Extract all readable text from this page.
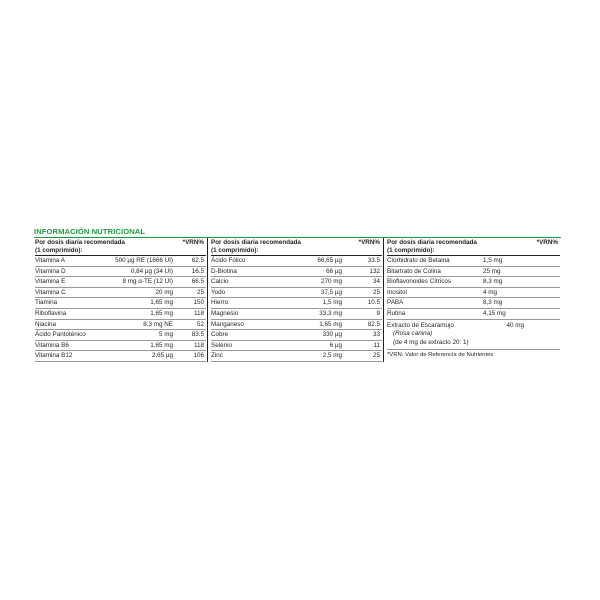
INFORMACIÓN NUTRICIONAL
Por dosis diaria recomendada
(1 comprimido):
*VRN%
Vitamina A	500 µg RE (1666 UI)	62.5
Vitamina D	0,84 µg (34 UI)	16.5
Vitamina E	8 mg α-TE (12 UI)	66.5
Vitamina C	20 mg	25
Tiamina	1,65 mg	150
Riboflavina	1,65 mg	118
Niacina	8,3 mg NE	52
Ácido Pantoténico	5 mg	83.5
Vitamina B6	1,65 mg	118
Vitamina B12	2,65 µg	106
Por dosis diaria recomendada
(1 comprimido):
*VRN%
Ácido Fólico	66,65 µg	33.5
D-Biotina	66 µg	132
Calcio	270 mg	34
Yodo	37,5 µg	25
Hierro	1,5 mg	10.5
Magnesio	33,3 mg	9
Manganeso	1,65 mg	82.5
Cobre	330 µg	33
Selenio	6 µg	11
Zinc	2,5 mg	25
Por dosis diaria recomendada
(1 comprimido):
*VRN%
Clorhidrato de Betaina	1,5 mg
Bitartrato de Colina	25 mg
Bioflavonoides Cítricos	8,3 mg
Inositol	4 mg
PABA	8,3 mg
Rutina	4,15 mg
Extracto de Escaramujo	40 mg
(Rosa canina)
(de 4 mg de extracto 20: 1)
*VRN: Valor de Referencia de Nutrientes
